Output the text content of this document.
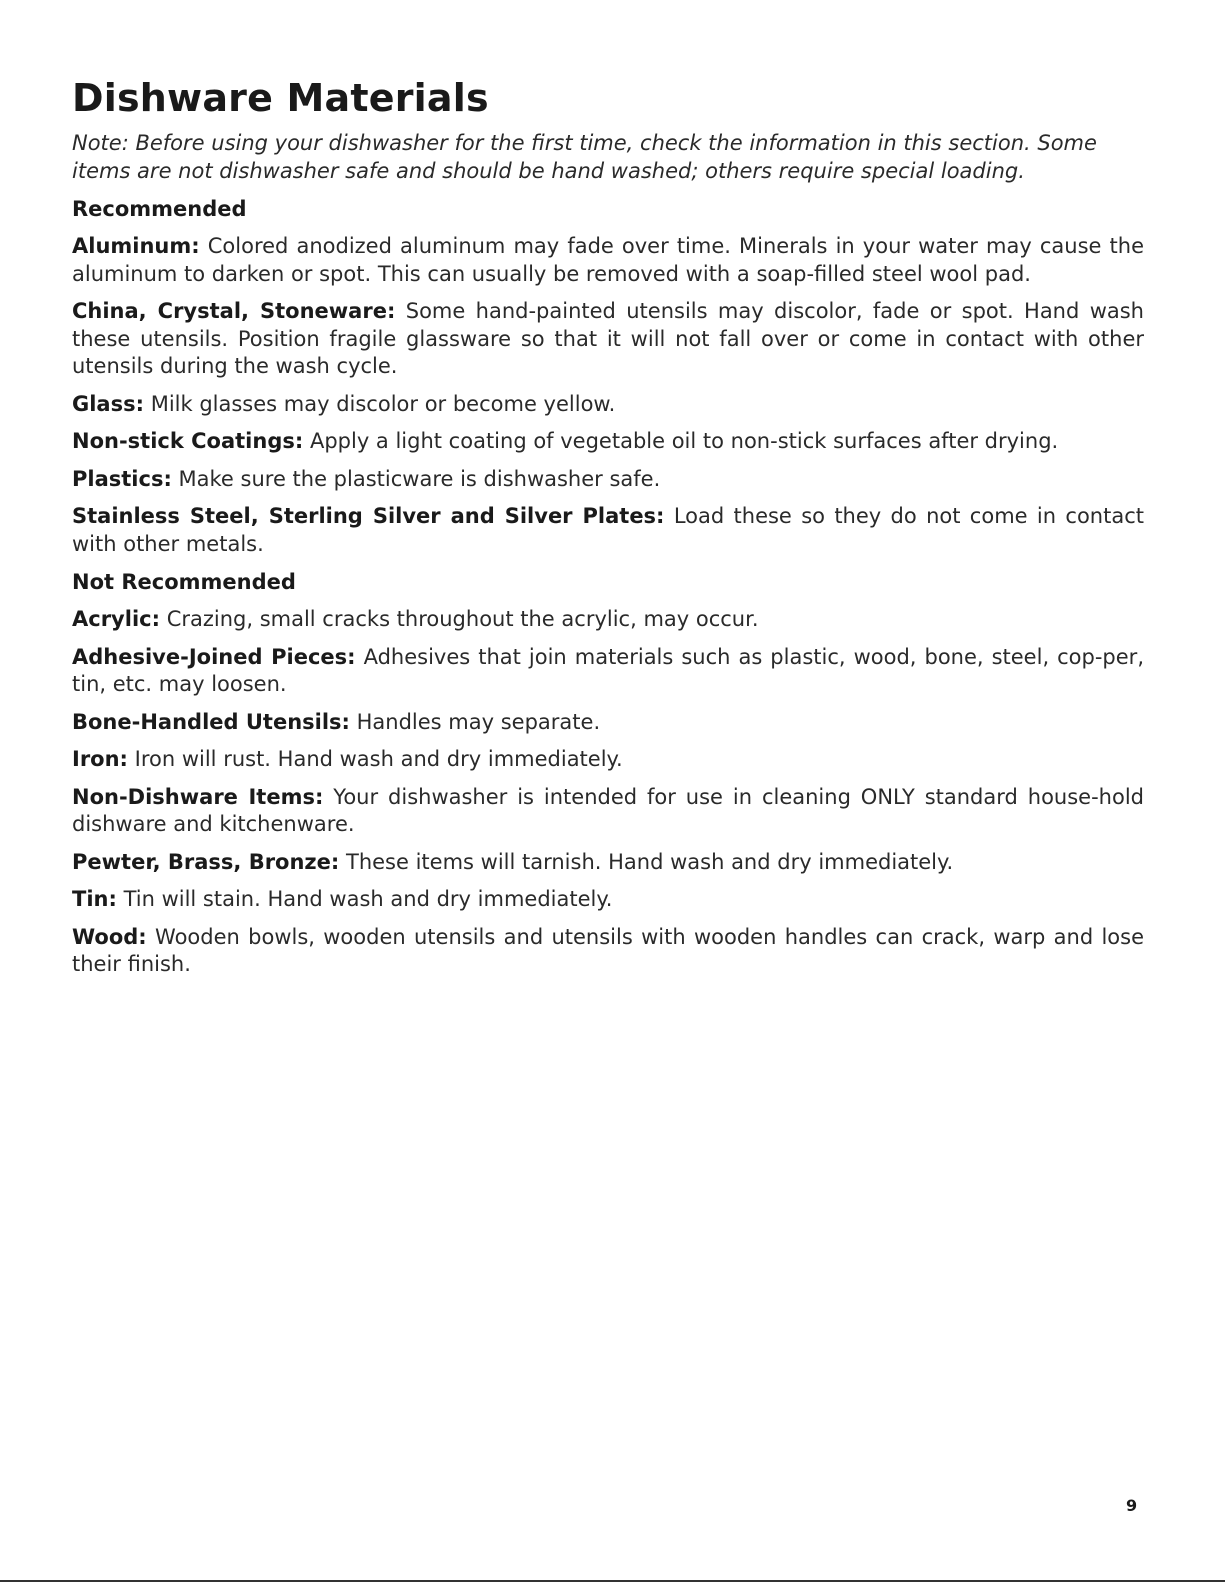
Dishware Materials

Note: Before using your dishwasher for the first time, check the information in this section. Some items are not dishwasher safe and should be hand washed; others require special loading.

Recommended

Aluminum: Colored anodized aluminum may fade over time. Minerals in your water may cause the aluminum to darken or spot. This can usually be removed with a soap-filled steel wool pad.

China, Crystal, Stoneware: Some hand-painted utensils may discolor, fade or spot. Hand wash these utensils. Position fragile glassware so that it will not fall over or come in contact with other utensils during the wash cycle.

Glass: Milk glasses may discolor or become yellow.

Non-stick Coatings: Apply a light coating of vegetable oil to non-stick surfaces after drying.

Plastics: Make sure the plasticware is dishwasher safe.

Stainless Steel, Sterling Silver and Silver Plates: Load these so they do not come in contact with other metals.

Not Recommended

Acrylic: Crazing, small cracks throughout the acrylic, may occur.

Adhesive-Joined Pieces: Adhesives that join materials such as plastic, wood, bone, steel, cop-per, tin, etc. may loosen.

Bone-Handled Utensils: Handles may separate.

Iron: Iron will rust. Hand wash and dry immediately.

Non-Dishware Items: Your dishwasher is intended for use in cleaning ONLY standard house-hold dishware and kitchenware.

Pewter, Brass, Bronze: These items will tarnish. Hand wash and dry immediately.

Tin: Tin will stain. Hand wash and dry immediately.

Wood: Wooden bowls, wooden utensils and utensils with wooden handles can crack, warp and lose their finish.

9
